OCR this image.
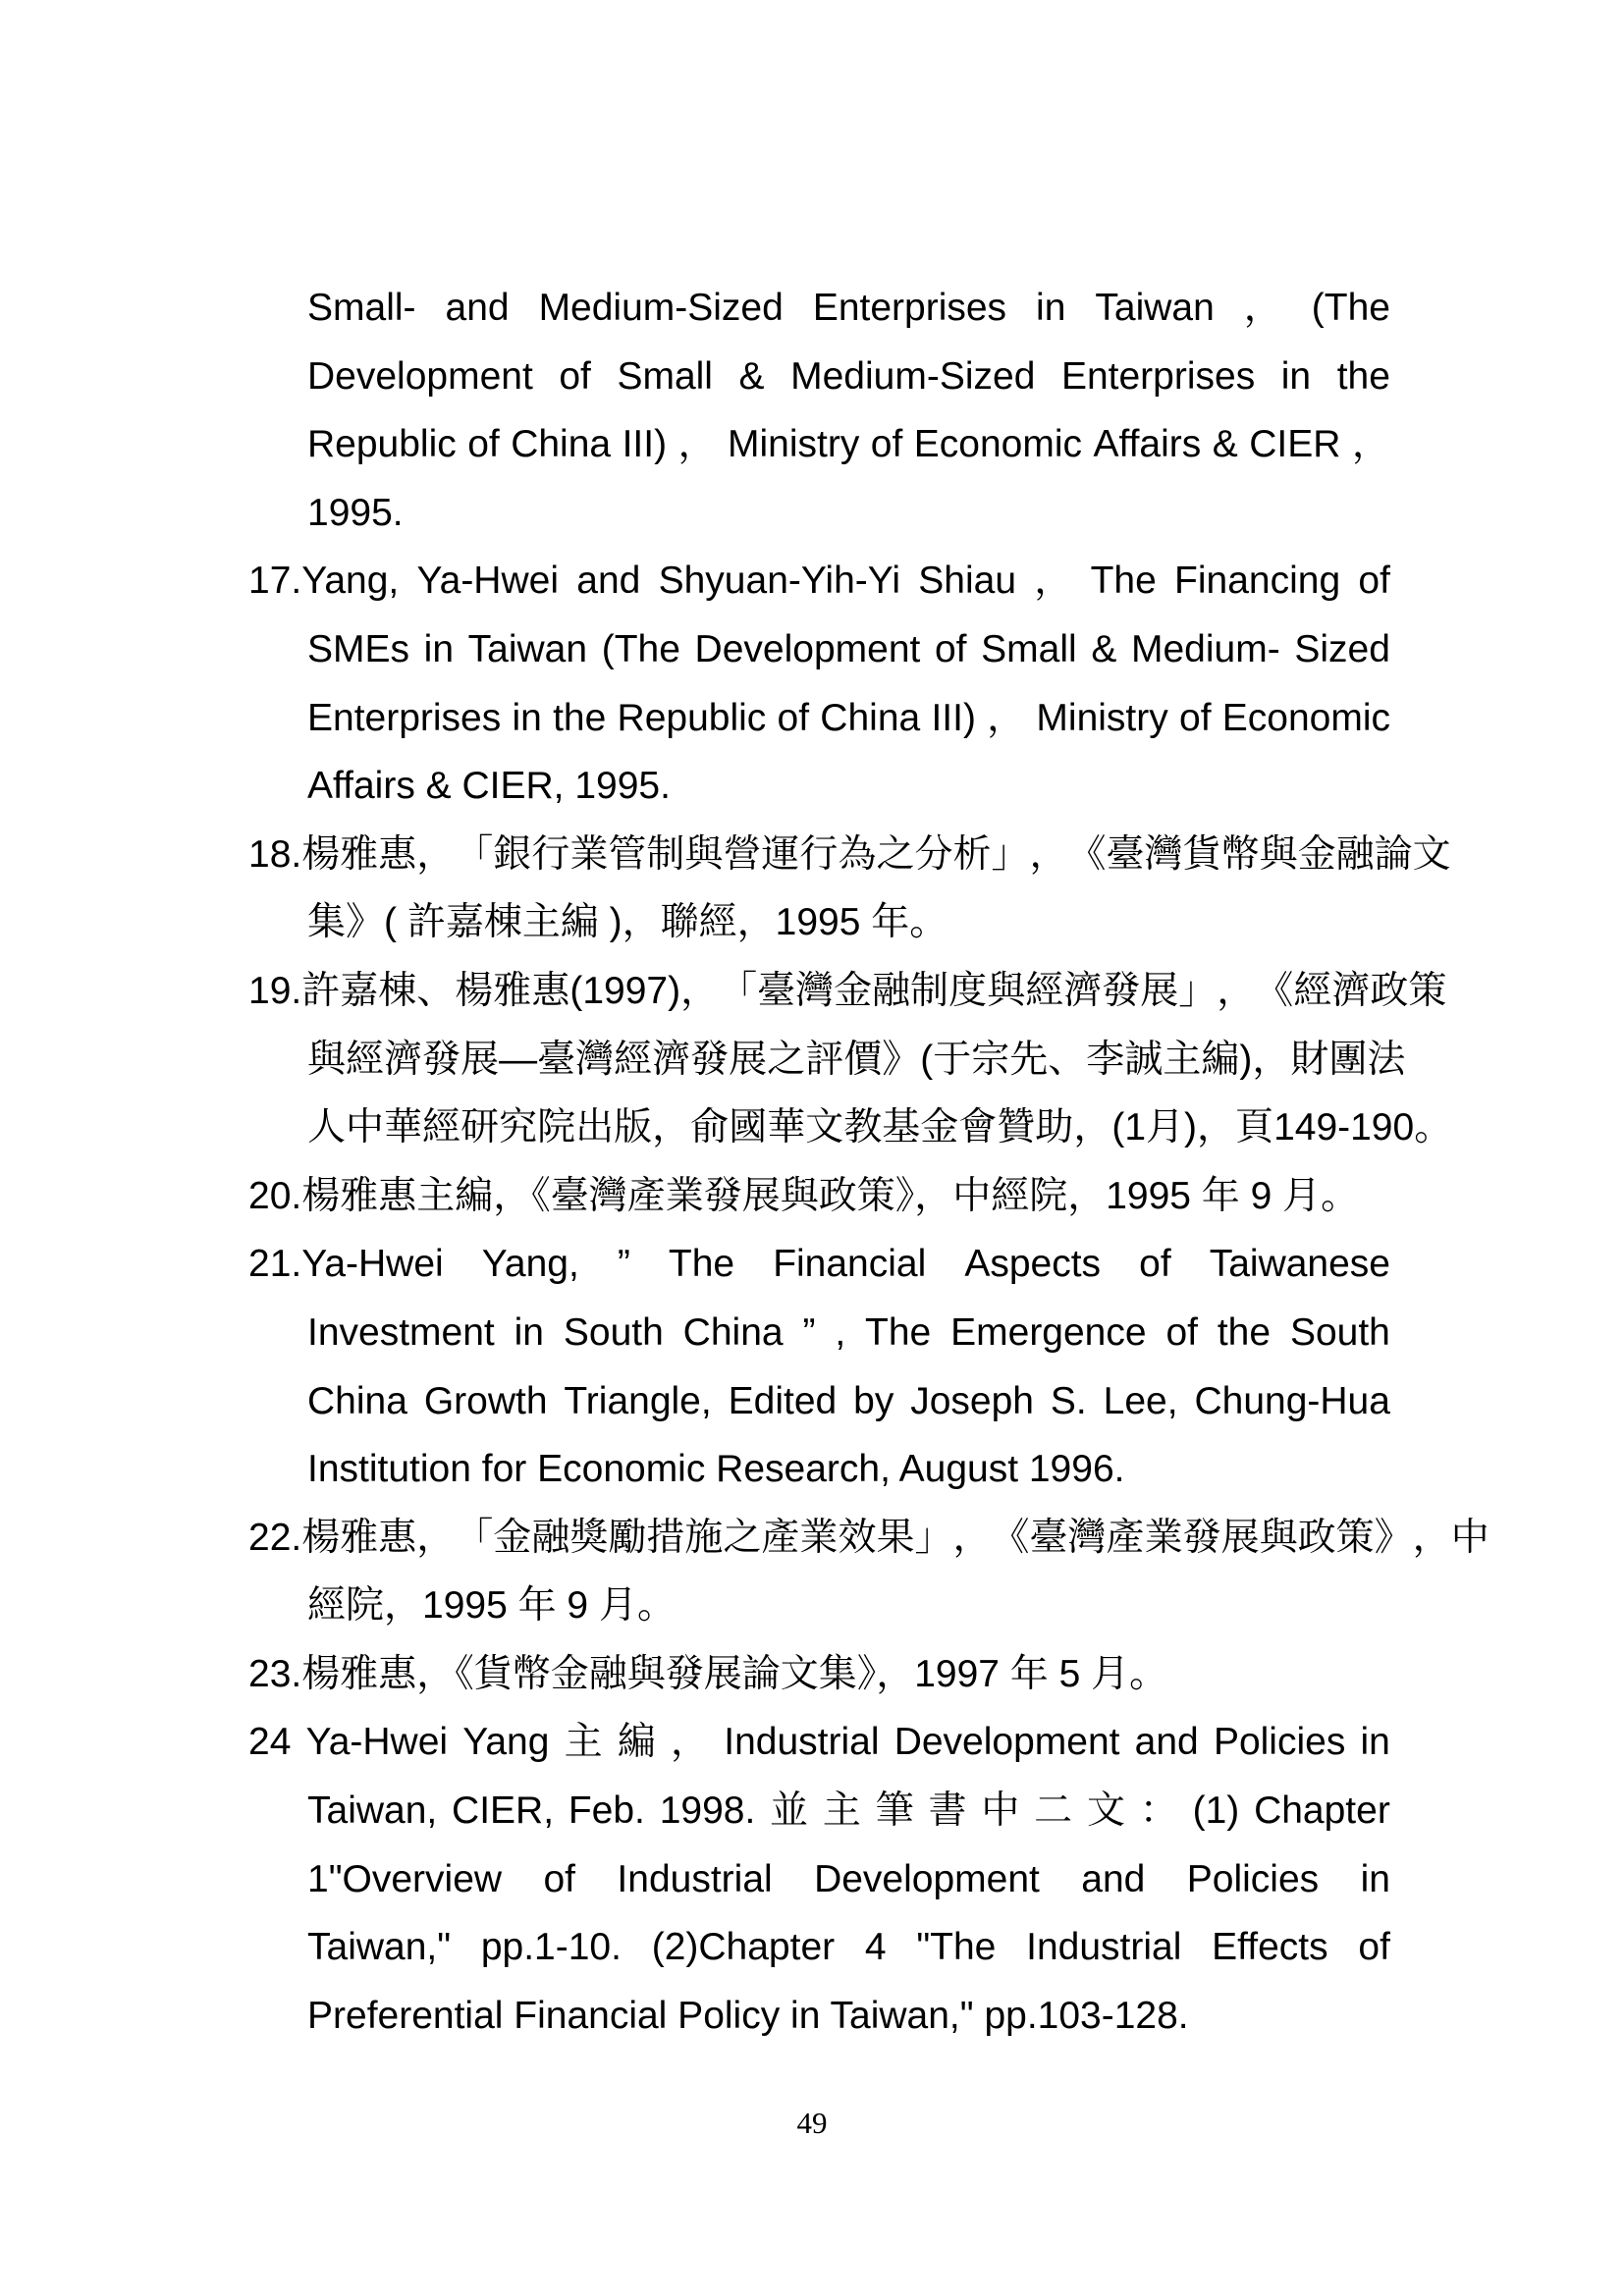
Small- and Medium-Sized Enterprises in Taiwan ， (The
Development of Small & Medium-Sized Enterprises in the
Republic of China III) ， Ministry of Economic Affairs & CIER ，
1995.
17.Yang, Ya-Hwei and Shyuan-Yih-Yi Shiau ， The Financing of
SMEs in Taiwan (The Development of Small & Medium- Sized
Enterprises in the Republic of China III) ， Ministry of Economic
Affairs & CIER, 1995.
18. 楊 雅 惠 ， 「 銀 行 業 管 制 與 營 運 行 為 之 分 析 」 ， 《 臺 灣 貨 幣 與 金 融 論 文
集》( 許嘉棟主編 )，聯經，1995 年。
19. 許 嘉 棟 、 楊 雅 惠 (1997) ， 「 臺 灣 金 融 制 度 與 經 濟 發 展 」 ， 《 經 濟 政 策
與 經 濟 發 展 — 臺 灣 經 濟 發 展 之 評 價 》 ( 于 宗 先 、 李 誠 主 編 ) ， 財 團 法
人 中 華 經 研 究 院 出 版 ， 俞 國 華 文 教 基 金 會 贊 助 ， (1 月 ) ， 頁 149-190 。
20.楊雅惠主編，《臺灣產業發展與政策》，中經院，1995 年 9 月。
21.Ya-Hwei Yang, ” The Financial Aspects of Taiwanese
Investment in South China ” , The Emergence of the South
China Growth Triangle, Edited by Joseph S. Lee, Chung-Hua
Institution for Economic Research, August 1996.
22. 楊 雅 惠 ， 「 金 融 獎 勵 措 施 之 產 業 效 果 」 ， 《 臺 灣 產 業 發 展 與 政 策 》 ， 中
經院，1995 年 9 月。
23.楊雅惠，《貨幣金融與發展論文集》，1997 年 5 月。
24 Ya-Hwei Yang 主 編 ， Industrial Development and Policies in
Taiwan, CIER, Feb. 1998. 並 主 筆 書 中 二 文 ： (1) Chapter
1"Overview of Industrial Development and Policies in
Taiwan," pp.1-10. (2)Chapter 4 "The Industrial Effects of
Preferential Financial Policy in Taiwan," pp.103-128.
49
